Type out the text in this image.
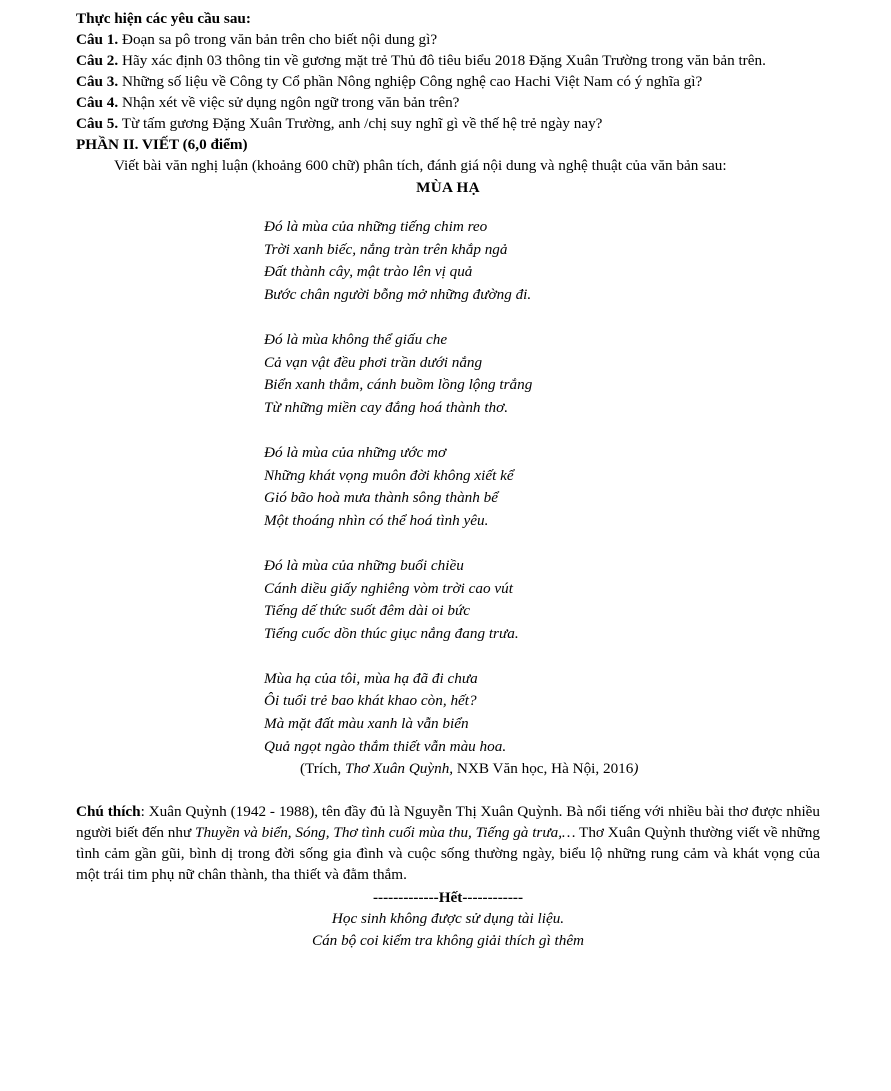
Thực hiện các yêu cầu sau:

Câu 1. Đoạn sa pô trong văn bản trên cho biết nội dung gì?

Câu 2. Hãy xác định 03 thông tin về gương mặt trẻ Thủ đô tiêu biểu 2018 Đặng Xuân Trường trong văn bản trên.

Câu 3. Những số liệu về Công ty Cổ phần Nông nghiệp Công nghệ cao Hachi Việt Nam có ý nghĩa gì?

Câu 4. Nhận xét về việc sử dụng ngôn ngữ trong văn bản trên?

Câu 5. Từ tấm gương Đặng Xuân Trường, anh /chị suy nghĩ gì về thế hệ trẻ ngày nay?

PHẦN II. VIẾT (6,0 điểm)

Viết bài văn nghị luận (khoảng 600 chữ) phân tích, đánh giá nội dung và nghệ thuật của văn bản sau:

MÙA HẠ

Đó là mùa của những tiếng chim reo

Trời xanh biếc, nắng tràn trên khắp ngả

Đất thành cây, mật trào lên vị quả

Bước chân người bỗng mở những đường đi.

Đó là mùa không thể giấu che

Cả vạn vật đều phơi trần dưới nắng

Biển xanh thẳm, cánh buồm lồng lộng trắng

Từ những miền cay đắng hoá thành thơ.

Đó là mùa của những ước mơ

Những khát vọng muôn đời không xiết kể

Gió bão hoà mưa thành sông thành bể

Một thoáng nhìn có thể hoá tình yêu.

Đó là mùa của những buổi chiều

Cánh diều giấy nghiêng vòm trời cao vút

Tiếng dế thức suốt đêm dài oi bức

Tiếng cuốc dồn thúc giục nắng đang trưa.

Mùa hạ của tôi, mùa hạ đã đi chưa

Ôi tuổi trẻ bao khát khao còn, hết?

Mà mặt đất màu xanh là vẫn biển

Quả ngọt ngào thắm thiết vẫn màu hoa.

(Trích, Thơ Xuân Quỳnh, NXB Văn học, Hà Nội, 2016)

Chú thích: Xuân Quỳnh (1942 - 1988), tên đầy đủ là Nguyễn Thị Xuân Quỳnh. Bà nổi tiếng với nhiều bài thơ được nhiều người biết đến như Thuyền và biển, Sóng, Thơ tình cuối mùa thu, Tiếng gà trưa,… Thơ Xuân Quỳnh thường viết về những tình cảm gần gũi, bình dị trong đời sống gia đình và cuộc sống thường ngày, biểu lộ những rung cảm và khát vọng của một trái tim phụ nữ chân thành, tha thiết và đằm thắm.

-------------Hết------------

Học sinh không được sử dụng tài liệu.

Cán bộ coi kiểm tra không giải thích gì thêm
